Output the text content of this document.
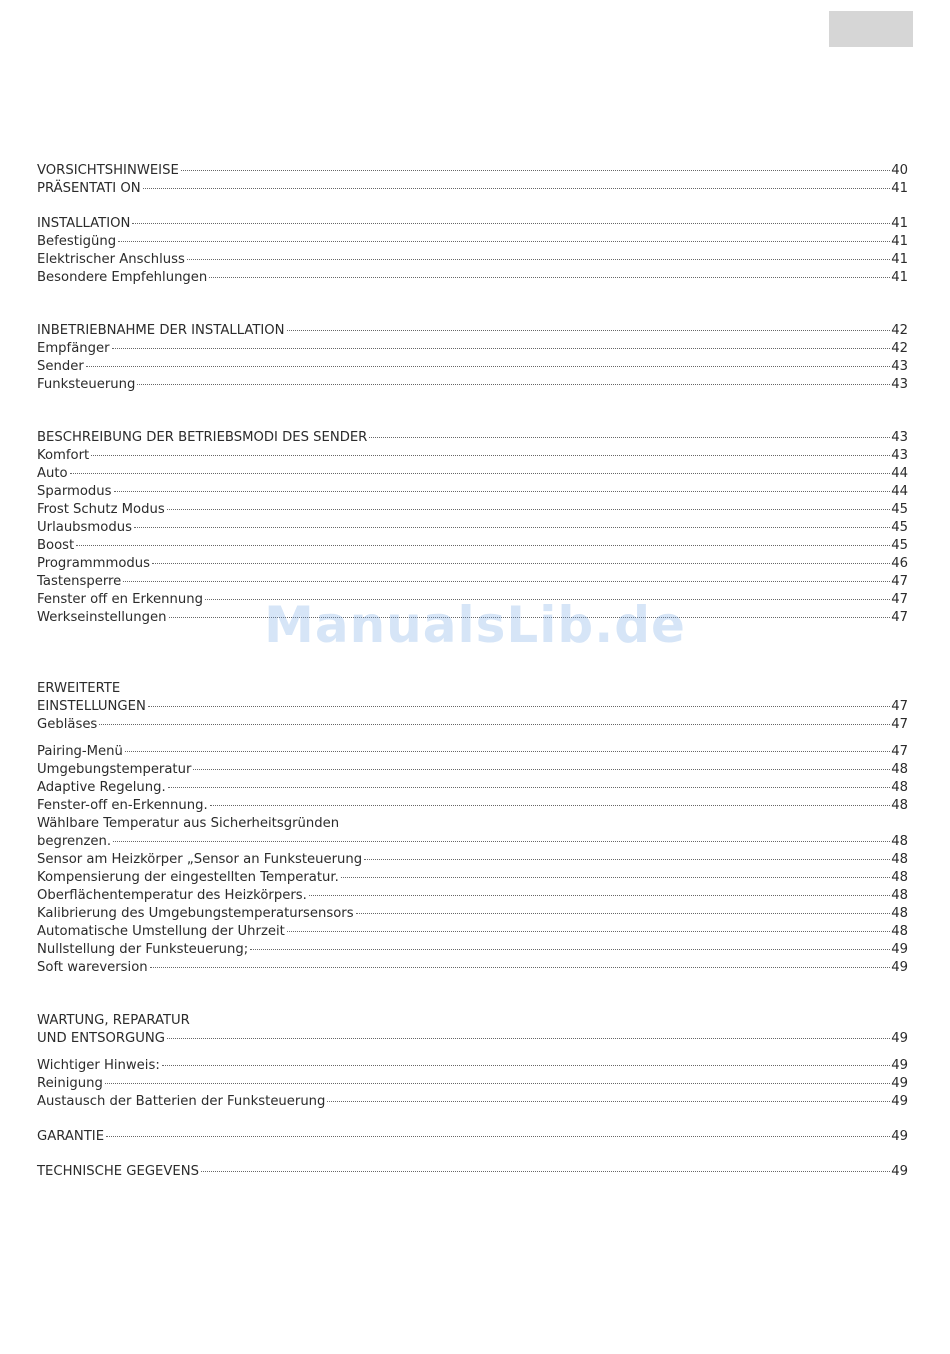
VORSICHTSHINWEISE	40
PRÄSENTATI ON	41
INSTALLATION	41
Befestigüng	41
Elektrischer Anschluss	41
Besondere Empfehlungen	41
INBETRIEBNAHME DER INSTALLATION	42
Empfänger	42
Sender	43
Funksteuerung	43
BESCHREIBUNG DER BETRIEBSMODI DES SENDER	43
Komfort	43
Auto	44
Sparmodus	44
Frost Schutz Modus	45
Urlaubsmodus	45
Boost	45
Programmmodus	46
Tastensperre	47
Fenster off en Erkennung	47
Werkseinstellungen	47
ERWEITERTE
EINSTELLUNGEN	47
Gebläses	47
Pairing-Menü	47
Umgebungstemperatur	48
Adaptive Regelung.	48
Fenster-off en-Erkennung.	48
Wählbare Temperatur aus Sicherheitsgründen
begrenzen.	48
Sensor am Heizkörper „Sensor an Funksteuerung	48
Kompensierung der eingestellten Temperatur.	48
Oberflächentemperatur des Heizkörpers.	48
Kalibrierung des Umgebungstemperatursensors	48
Automatische Umstellung der Uhrzeit	48
Nullstellung der Funksteuerung;	49
Soft wareversion	49
WARTUNG, REPARATUR
UND ENTSORGUNG	49
Wichtiger Hinweis:	49
Reinigung	49
Austausch der Batterien der Funksteuerung	49
GARANTIE	49
TECHNISCHE GEGEVENS	49
ManualsLib.de
